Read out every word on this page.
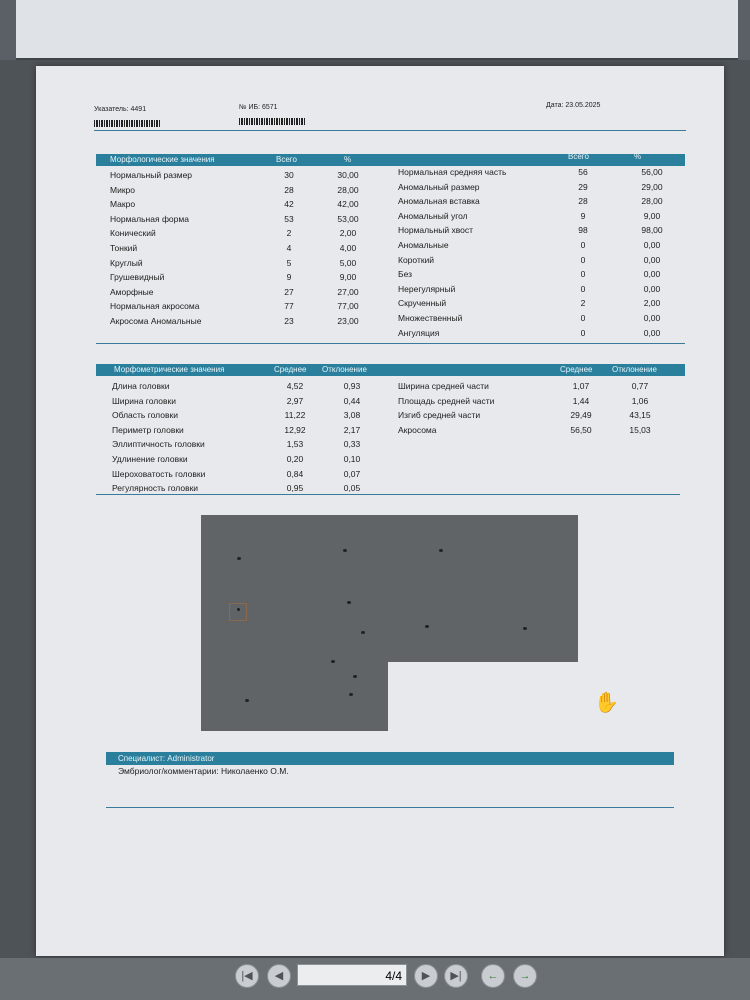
Указатель: 4491	№ ИБ: 6571	Дата: 23.05.2025
Морфологические значения	Всего	%	Всего	%
Нормальный размер	30	30,00
Микро	28	28,00
Макро	42	42,00
Нормальная форма	53	53,00
Конический	2	2,00
Тонкий	4	4,00
Круглый	5	5,00
Грушевидный	9	9,00
Аморфные	27	27,00
Нормальная акросома	77	77,00
Акросома Аномальные	23	23,00
Нормальная средняя часть	56	56,00
Аномальный размер	29	29,00
Аномальная вставка	28	28,00
Аномальный угол	9	9,00
Нормальный хвост	98	98,00
Аномальные	0	0,00
Короткий	0	0,00
Без	0	0,00
Нерегулярный	0	0,00
Скрученный	2	2,00
Множественный	0	0,00
Ангуляция	0	0,00
Морфометрические значения	Среднее Отклонение	Среднее Отклонение
Длина головки	4,52	0,93
Ширина головки	2,97	0,44
Область головки	11,22	3,08
Периметр головки	12,92	2,17
Эллиптичность головки	1,53	0,33
Удлинение головки	0,20	0,10
Шероховатость головки	0,84	0,07
Регулярность головки	0,95	0,05
Ширина средней части	1,07	0,77
Площадь средней части	1,44	1,06
Изгиб средней части	29,49	43,15
Акросома	56,50	15,03
✋
Специалист: Administrator
Эмбриолог/комментарии: Николаенко О.М.
|◀	◀	4/4	▶	▶|	←	→
